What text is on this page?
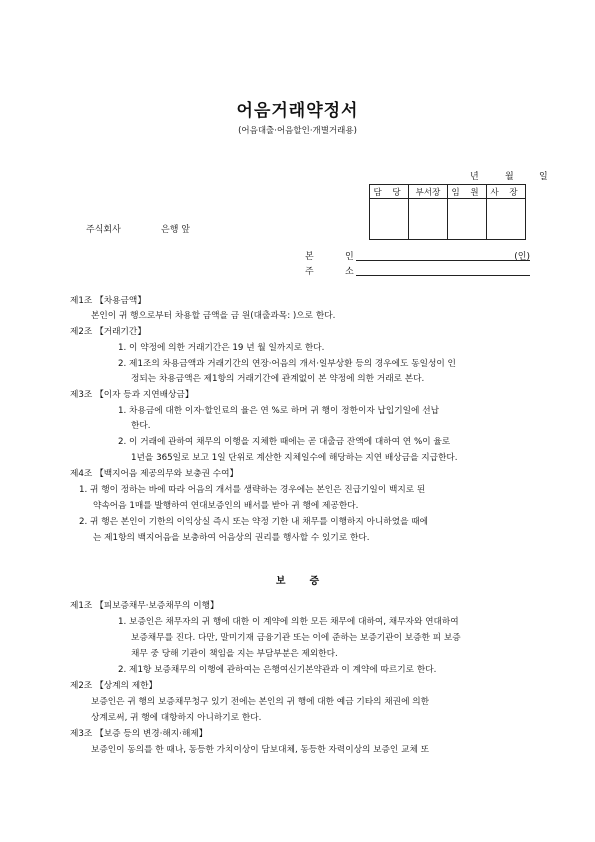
어음거래약정서
(어음대출·어음할인·개별거래용)
년	월	일
담 당	부서장	임 원	사 장

주식회사	은행 앞
본	인	(인)
주	소
제1조 【차용금액】
본인이 귀 행으로부터 차용할 금액을 금 원(대출과목: )으로 한다.
제2조 【거래기간】
1. 이 약정에 의한 거래기간은 19 년 월 일까지로 한다.
2. 제1조의 차용금액과 거래기간의 연장·어음의 개서·일부상환 등의 경우에도 동일성이 인
정되는 차용금액은 제1항의 거래기간에 관계없이 본 약정에 의한 거래로 본다.
제3조 【이자 등과 지연배상금】
1. 차용금에 대한 이자·할인료의 율은 연 %로 하며 귀 행이 정한이자 납입기일에 선납
한다.
2. 이 거래에 관하여 채무의 이행을 지체한 때에는 곧 대출금 잔액에 대하여 연 %이 율로
1년을 365일로 보고 1일 단위로 계산한 지체일수에 해당하는 지연 배상금을 지급한다.
제4조 【백지어음 제공의무와 보충권 수여】
1. 귀 행이 정하는 바에 따라 어음의 개서를 생략하는 경우에는 본인은 진급기일이 백지로 된
약속어음 1매를 발행하여 연대보증인의 배서를 받아 귀 행에 제공한다.
2. 귀 행은 본인이 기한의 이익상실 즉시 또는 약정 기한 내 채무를 이행하지 아니하였을 때에
는 제1항의 백지어음을 보충하여 어음상의 권리를 행사할 수 있기로 한다.
보 증
제1조 【피보증채무·보증채무의 이행】
1. 보증인은 채무자의 귀 행에 대한 이 계약에 의한 모든 채무에 대하여, 채무자와 연대하여
보증채무를 진다. 다만, 말미기재 금융기관 또는 이에 준하는 보증기관이 보증한 피 보증
채무 중 당해 기관이 책임을 지는 부담부분은 제외한다.
2. 제1항 보증채무의 이행에 관하여는 은행여신기본약관과 이 계약에 따르기로 한다.
제2조 【상계의 제한】
보증인은 귀 행의 보증채무청구 있기 전에는 본인의 귀 행에 대한 예금 기타의 채권에 의한
상계로써, 귀 행에 대항하지 아니하기로 한다.
제3조 【보증 등의 변경·해지·해제】
보증인이 동의를 한 때나, 동등한 가치이상이 담보대체, 동등한 자력이상의 보증인 교체 또
